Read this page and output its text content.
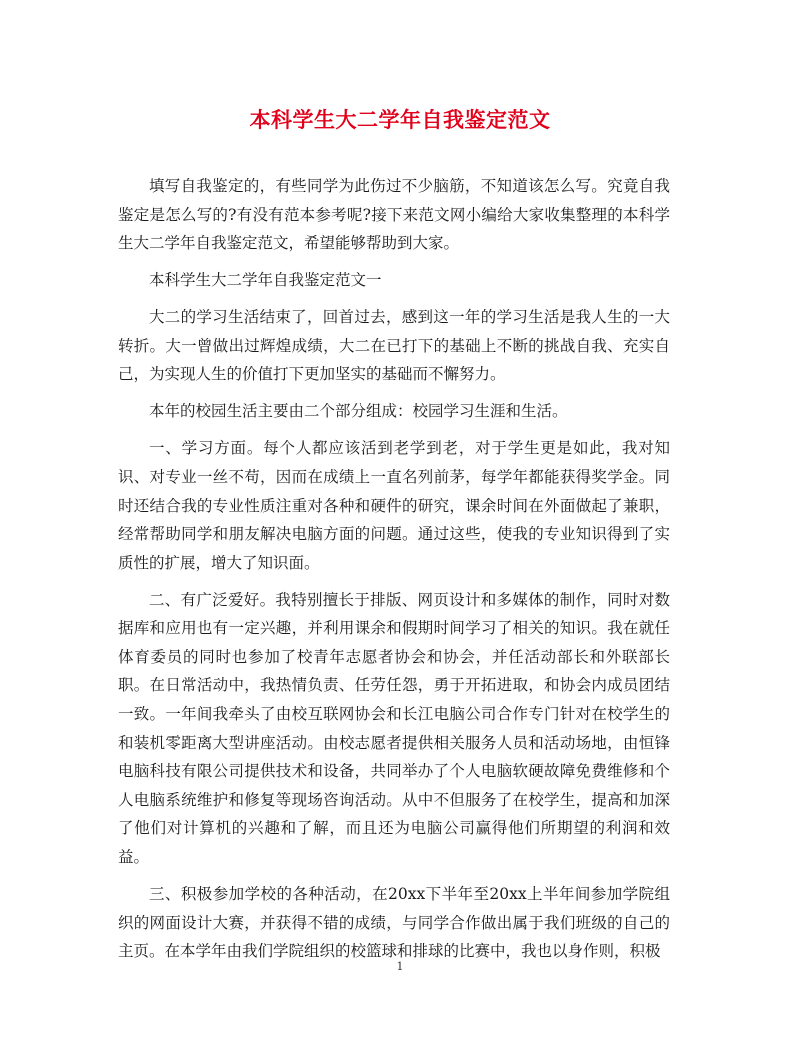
本科学生大二学年自我鉴定范文

填写自我鉴定的，有些同学为此伤过不少脑筋，不知道该怎么写。究竟自我鉴定是怎么写的?有没有范本参考呢?接下来范文网小编给大家收集整理的本科学生大二学年自我鉴定范文，希望能够帮助到大家。

本科学生大二学年自我鉴定范文一

大二的学习生活结束了，回首过去，感到这一年的学习生活是我人生的一大转折。大一曾做出过辉煌成绩，大二在已打下的基础上不断的挑战自我、充实自己，为实现人生的价值打下更加坚实的基础而不懈努力。

本年的校园生活主要由二个部分组成：校园学习生涯和生活。

一、学习方面。每个人都应该活到老学到老，对于学生更是如此，我对知识、对专业一丝不苟，因而在成绩上一直名列前茅，每学年都能获得奖学金。同时还结合我的专业性质注重对各种和硬件的研究，课余时间在外面做起了兼职，经常帮助同学和朋友解决电脑方面的问题。通过这些，使我的专业知识得到了实质性的扩展，增大了知识面。

二、有广泛爱好。我特别擅长于排版、网页设计和多媒体的制作，同时对数据库和应用也有一定兴趣，并利用课余和假期时间学习了相关的知识。我在就任体育委员的同时也参加了校青年志愿者协会和协会，并任活动部长和外联部长职。在日常活动中，我热情负责、任劳任怨，勇于开拓进取，和协会内成员团结一致。一年间我牵头了由校互联网协会和长江电脑公司合作专门针对在校学生的和装机零距离大型讲座活动。由校志愿者提供相关服务人员和活动场地，由恒锋电脑科技有限公司提供技术和设备，共同举办了个人电脑软硬故障免费维修和个人电脑系统维护和修复等现场咨询活动。从中不但服务了在校学生，提高和加深了他们对计算机的兴趣和了解，而且还为电脑公司赢得他们所期望的利润和效益。

三、积极参加学校的各种活动，在20xx下半年至20xx上半年间参加学院组织的网面设计大赛，并获得不错的成绩，与同学合作做出属于我们班级的自己的主页。在本学年由我们学院组织的校篮球和排球的比赛中，我也以身作则，积极

1
